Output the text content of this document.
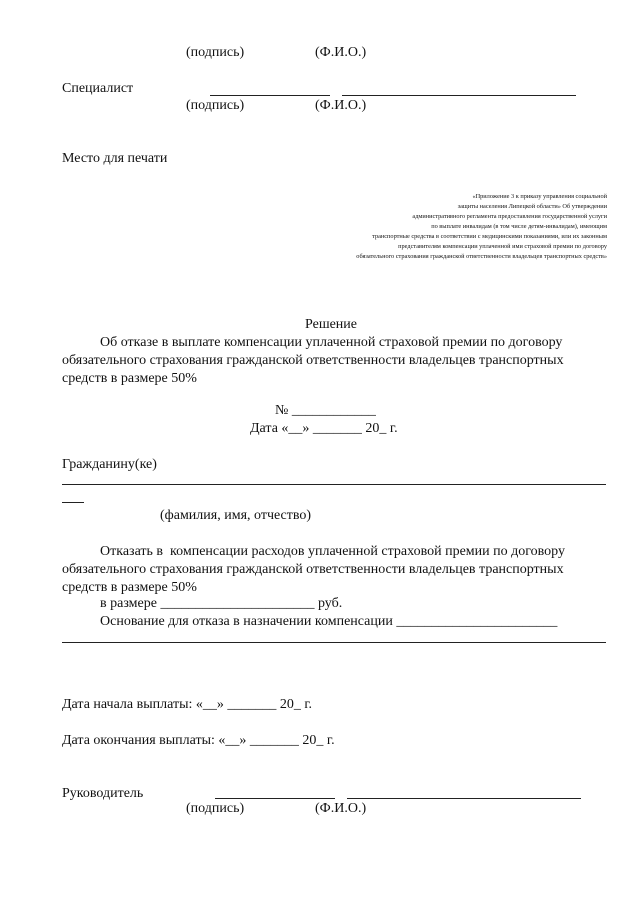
(подпись)	(Ф.И.О.)
Специалист
(подпись)	(Ф.И.О.)
Место для печати
«Приложение 3 к приказу управления социальной
защиты населения Липецкой области» Об утверждении
административного регламента предоставления государственной услуги
по выплате инвалидам (в том числе детям-инвалидам), имеющим
транспортные средства в соответствии с медицинскими показаниями, или их законным
представителям компенсации уплаченной ими страховой премии по договору
обязательного страхования гражданской ответственности владельцев транспортных средств»
Решение
Об отказе в выплате компенсации уплаченной страховой премии по договору
обязательного страхования гражданской ответственности владельцев транспортных
средств в размере 50%
№ ____________
Дата «__» _______ 20_ г.
Гражданину(ке)
(фамилия, имя, отчество)
Отказать в  компенсации расходов уплаченной страховой премии по договору
обязательного страхования гражданской ответственности владельцев транспортных
средств в размере 50%
в размере ______________________ руб.
Основание для отказа в назначении компенсации _______________________
Дата начала выплаты: «__» _______ 20_ г.
Дата окончания выплаты: «__» _______ 20_ г.
Руководитель
(подпись)	(Ф.И.О.)
